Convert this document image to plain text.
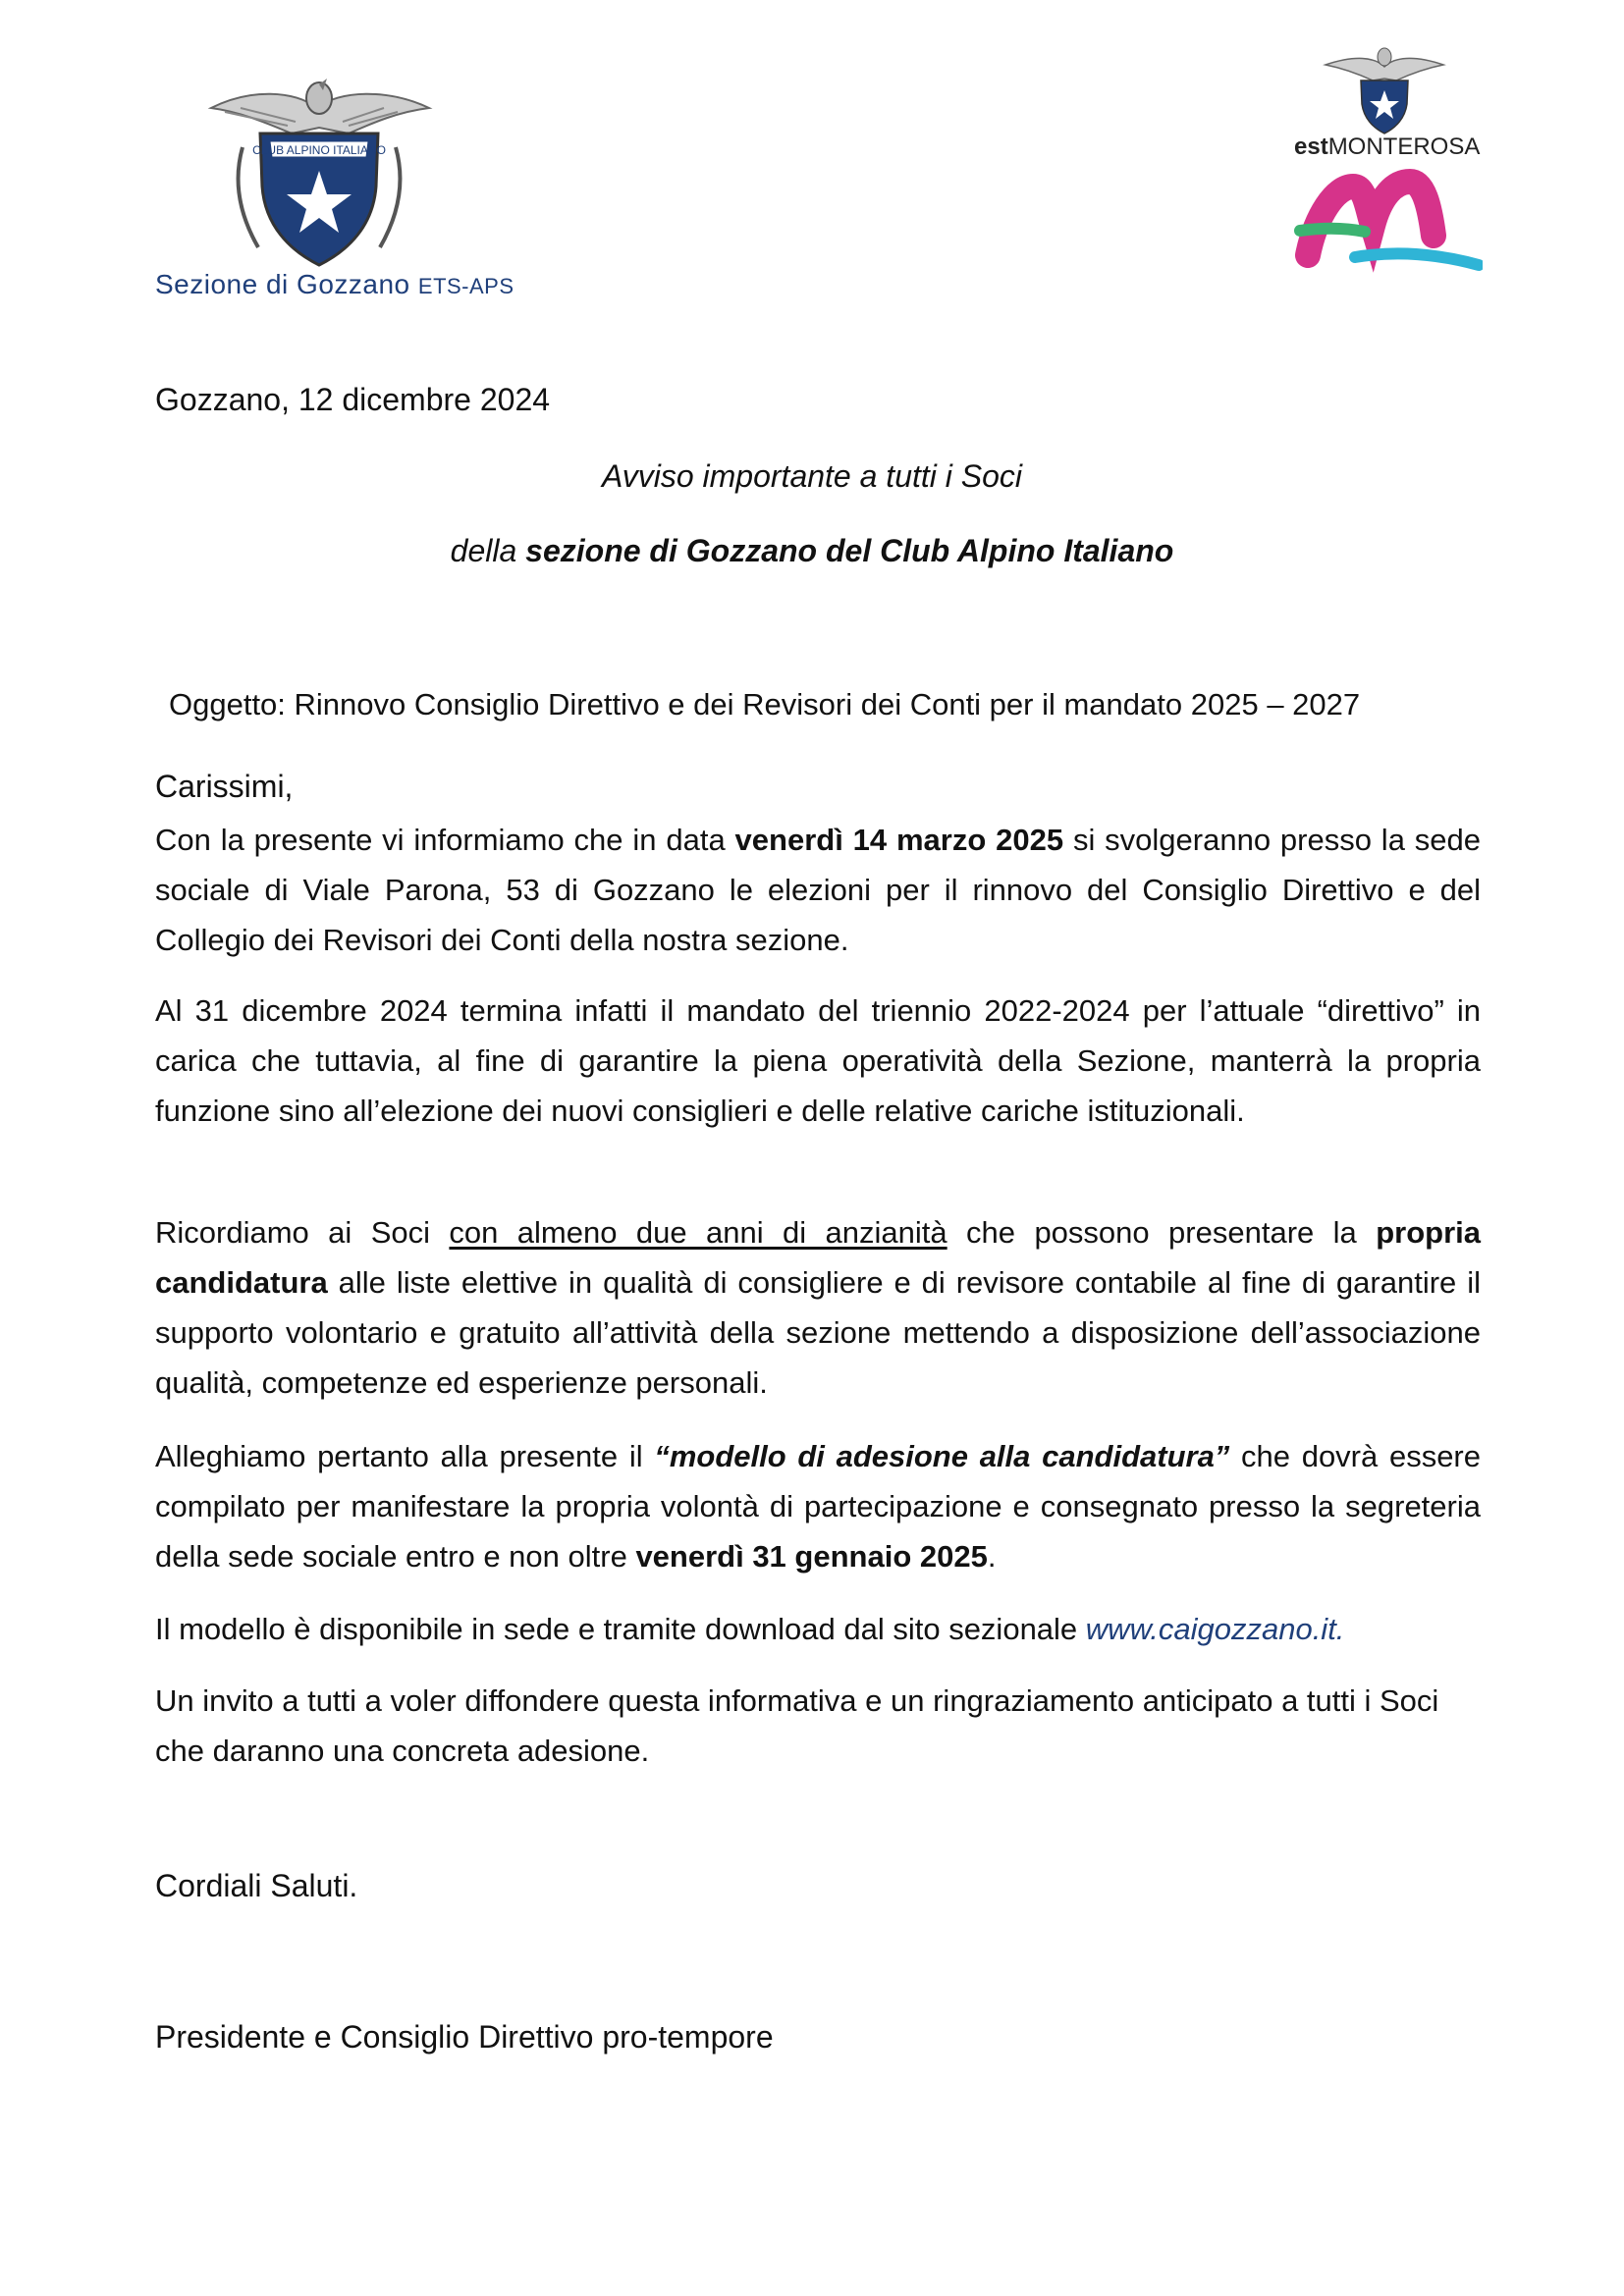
CLUB ALPINO ITALIANO
Sezione di Gozzano ETS-APS
estMONTEROSA
Gozzano, 12 dicembre 2024
Avviso importante a tutti i Soci
della sezione di Gozzano del Club Alpino Italiano
Oggetto: Rinnovo Consiglio Direttivo e dei Revisori dei Conti per il mandato 2025 – 2027
Carissimi,
Con la presente vi informiamo che in data venerdì 14 marzo 2025 si svolgeranno presso la sede sociale di Viale Parona, 53 di Gozzano le elezioni per il rinnovo del Consiglio Direttivo e del Collegio dei Revisori dei Conti della nostra sezione.
Al 31 dicembre 2024 termina infatti il mandato del triennio 2022-2024 per l’attuale “direttivo” in carica che tuttavia, al fine di garantire la piena operatività della Sezione, manterrà la propria funzione sino all’elezione dei nuovi consiglieri e delle relative cariche istituzionali.
Ricordiamo ai Soci con almeno due anni di anzianità che possono presentare la propria candidatura alle liste elettive in qualità di consigliere e di revisore contabile al fine di garantire il supporto volontario e gratuito all’attività della sezione mettendo a disposizione dell’associazione qualità, competenze ed esperienze personali.
Alleghiamo pertanto alla presente il “modello di adesione alla candidatura” che dovrà essere compilato per manifestare la propria volontà di partecipazione e consegnato presso la segreteria della sede sociale entro e non oltre venerdì 31 gennaio 2025.
Il modello è disponibile in sede e tramite download dal sito sezionale www.caigozzano.it.
Un invito a tutti a voler diffondere questa informativa e un ringraziamento anticipato a tutti i Soci che daranno una concreta adesione.
Cordiali Saluti.
Presidente e Consiglio Direttivo pro-tempore
